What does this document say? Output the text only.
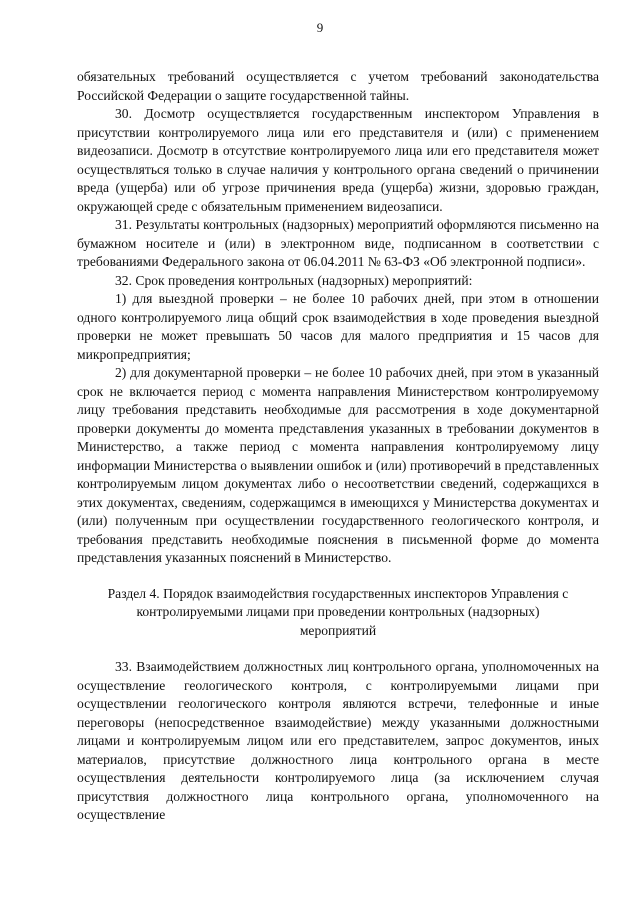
9

обязательных требований осуществляется с учетом требований законодательства Российской Федерации о защите государственной тайны.

30. Досмотр осуществляется государственным инспектором Управления в присутствии контролируемого лица или его представителя и (или) с применением видеозаписи. Досмотр в отсутствие контролируемого лица или его представителя может осуществляться только в случае наличия у контрольного органа сведений о причинении вреда (ущерба) или об угрозе причинения вреда (ущерба) жизни, здоровью граждан, окружающей среде с обязательным применением видеозаписи.

31. Результаты контрольных (надзорных) мероприятий оформляются письменно на бумажном носителе и (или) в электронном виде, подписанном в соответствии с требованиями Федерального закона от 06.04.2011 № 63-ФЗ «Об электронной подписи».

32. Срок проведения контрольных (надзорных) мероприятий:

1) для выездной проверки – не более 10 рабочих дней, при этом в отношении одного контролируемого лица общий срок взаимодействия в ходе проведения выездной проверки не может превышать 50 часов для малого предприятия и 15 часов для микропредприятия;

2) для документарной проверки – не более 10 рабочих дней, при этом в указанный срок не включается период с момента направления Министерством контролируемому лицу требования представить необходимые для рассмотрения в ходе документарной проверки документы до момента представления указанных в требовании документов в Министерство, а также период с момента направления контролируемому лицу информации Министерства о выявлении ошибок и (или) противоречий в представленных контролируемым лицом документах либо о несоответствии сведений, содержащихся в этих документах, сведениям, содержащимся в имеющихся у Министерства документах и (или) полученным при осуществлении государственного геологического контроля, и требования представить необходимые пояснения в письменной форме до момента представления указанных пояснений в Министерство.

Раздел 4. Порядок взаимодействия государственных инспекторов Управления с контролируемыми лицами при проведении контрольных (надзорных) мероприятий

33. Взаимодействием должностных лиц контрольного органа, уполномоченных на осуществление геологического контроля, с контролируемыми лицами при осуществлении геологического контроля являются встречи, телефонные и иные переговоры (непосредственное взаимодействие) между указанными должностными лицами и контролируемым лицом или его представителем, запрос документов, иных материалов, присутствие должностного лица контрольного органа в месте осуществления деятельности контролируемого лица (за исключением случая присутствия должностного лица контрольного органа, уполномоченного на осуществление
